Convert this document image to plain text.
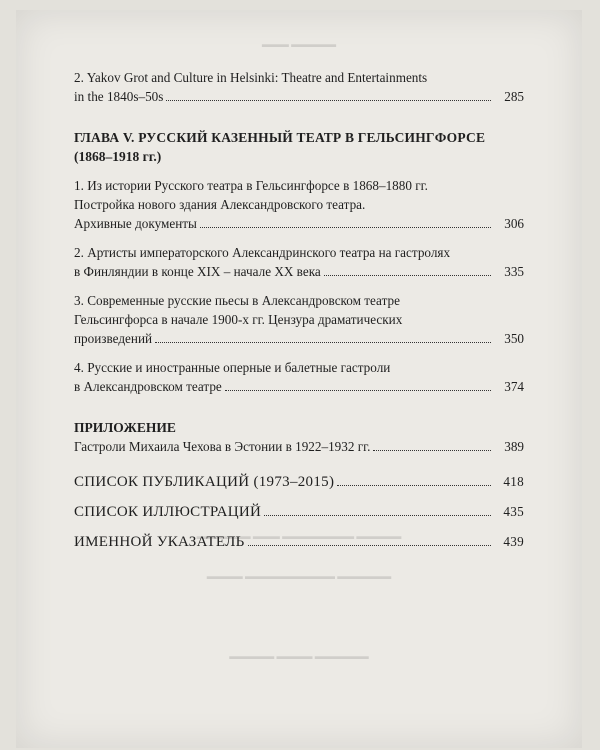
▬▬▬ ▬▬▬▬▬
▬▬▬▬▬▬ ▬▬▬ ▬▬▬▬▬▬▬▬ ▬▬▬▬▬
▬▬▬▬ ▬▬▬▬▬▬▬▬▬▬ ▬▬▬▬▬▬
▬▬▬▬▬ ▬▬▬▬ ▬▬▬▬▬▬
2. Yakov Grot and Culture in Helsinki: Theatre and Entertainments
in the 1840s–50s	285
ГЛАВА V. РУССКИЙ КАЗЕННЫЙ ТЕАТР В ГЕЛЬСИНГФОРСЕ
(1868–1918 гг.)
1. Из истории Русского театра в Гельсингфорсе в 1868–1880 гг.
Постройка нового здания Александровского театра.
Архивные документы	306
2. Артисты императорского Александринского театра на гастролях
в Финляндии в конце XIX – начале XX века	335
3. Современные русские пьесы в Александровском театре
Гельсингфорса в начале 1900-х гг. Цензура драматических
произведений	350
4. Русские и иностранные оперные и балетные гастроли
в Александровском театре	374
ПРИЛОЖЕНИЕ
Гастроли Михаила Чехова в Эстонии в 1922–1932 гг.	389
СПИСОК ПУБЛИКАЦИЙ (1973–2015)	418
СПИСОК ИЛЛЮСТРАЦИЙ	435
ИМЕННОЙ УКАЗАТЕЛЬ	439
